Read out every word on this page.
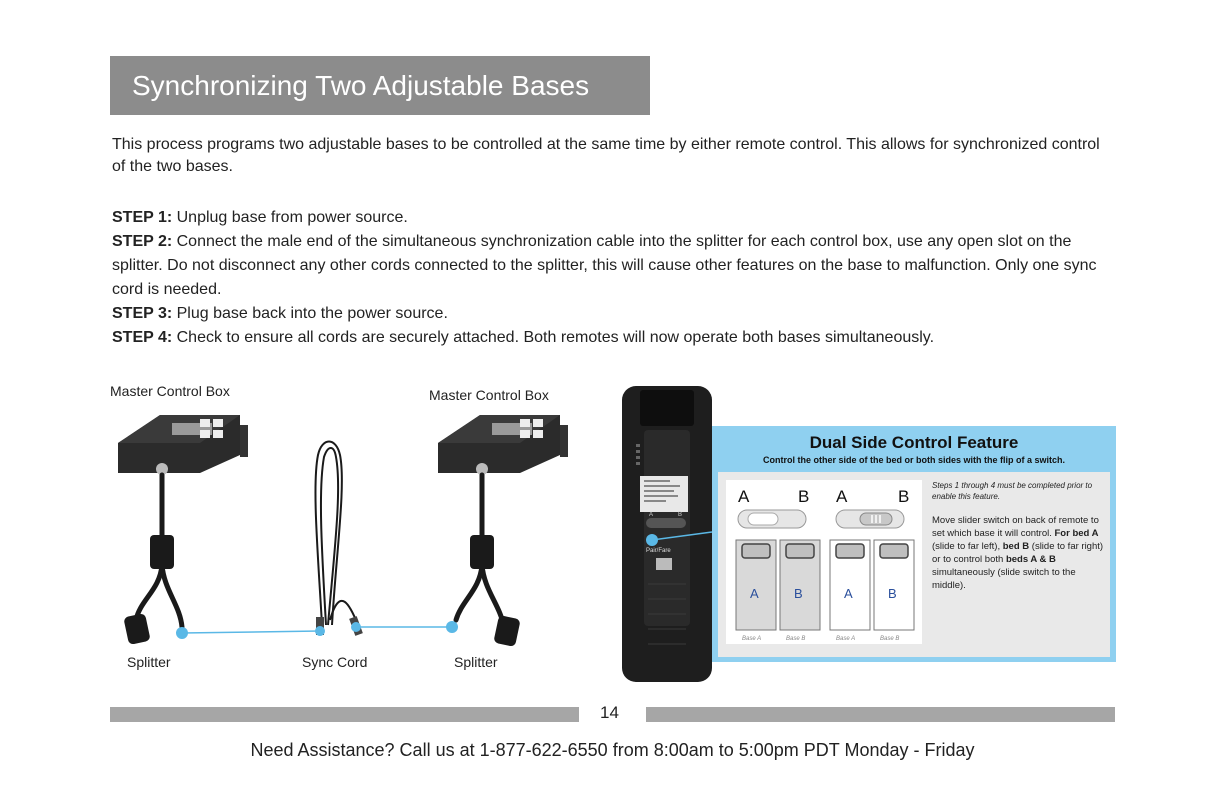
Synchronizing Two Adjustable Bases

This process programs two adjustable bases to be controlled at the same time by either remote control. This allows for synchronized control of the two bases.

STEP 1: Unplug base from power source.
STEP 2: Connect the male end of the simultaneous synchronization cable into the splitter for each control box, use any open slot on the splitter. Do not disconnect any other cords connected to the splitter, this will cause other features on the base to malfunction. Only one sync cord is needed.
STEP 3: Plug base back into the power source.
STEP 4: Check to ensure all cords are securely attached. Both remotes will now operate both bases simultaneously.
Master Control Box	Master Control Box
Splitter	Sync Cord	Splitter
A	B
Pair/Fare
Dual Side Control Feature
Control the other side of the bed or both sides with the flip of a switch.
A	B A	B
A	B	A	B
Base A	Base B	Base A	Base B
Steps 1 through 4 must be completed prior to enable this feature.
Move slider switch on back of remote to set which base it will control. For bed A (slide to far left), bed B (slide to far right) or to control both beds A & B simultaneously (slide switch to the middle).
14
Need Assistance? Call us at 1-877-622-6550 from 8:00am to 5:00pm PDT Monday - Friday
